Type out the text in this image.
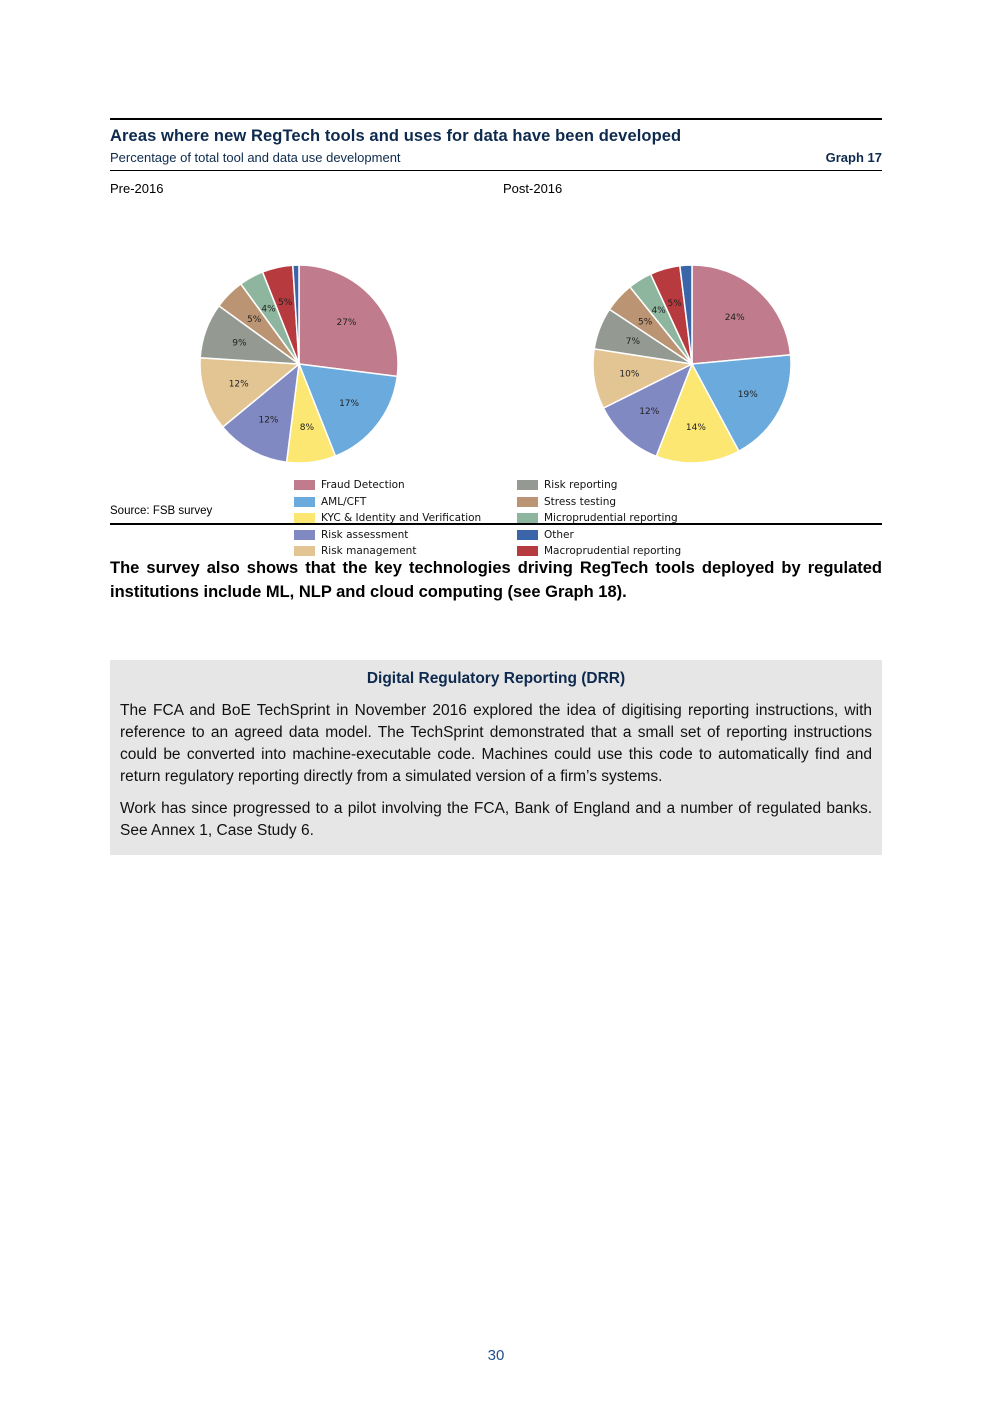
Areas where new RegTech tools and uses for data have been developed
Percentage of total tool and data use development	Graph 17
Pre-2016	Post-2016
27%
17%
8%
12%
12%
9%
5%
4%
5%
24%
19%
14%
12%
10%
7%
5%
4%
5%
Fraud Detection
AML/CFT
KYC & Identity and Verification
Risk assessment
Risk management
Risk reporting
Stress testing
Microprudential reporting
Other
Macroprudential reporting
Source: FSB survey
The survey also shows that the key technologies driving RegTech tools deployed by regulated institutions include ML, NLP and cloud computing (see Graph 18).
Digital Regulatory Reporting (DRR)

The FCA and BoE TechSprint in November 2016 explored the idea of digitising reporting instructions, with reference to an agreed data model. The TechSprint demonstrated that a small set of reporting instructions could be converted into machine-executable code. Machines could use this code to automatically find and return regulatory reporting directly from a simulated version of a firm’s systems.

Work has since progressed to a pilot involving the FCA, Bank of England and a number of regulated banks. See Annex 1, Case Study 6.

30
